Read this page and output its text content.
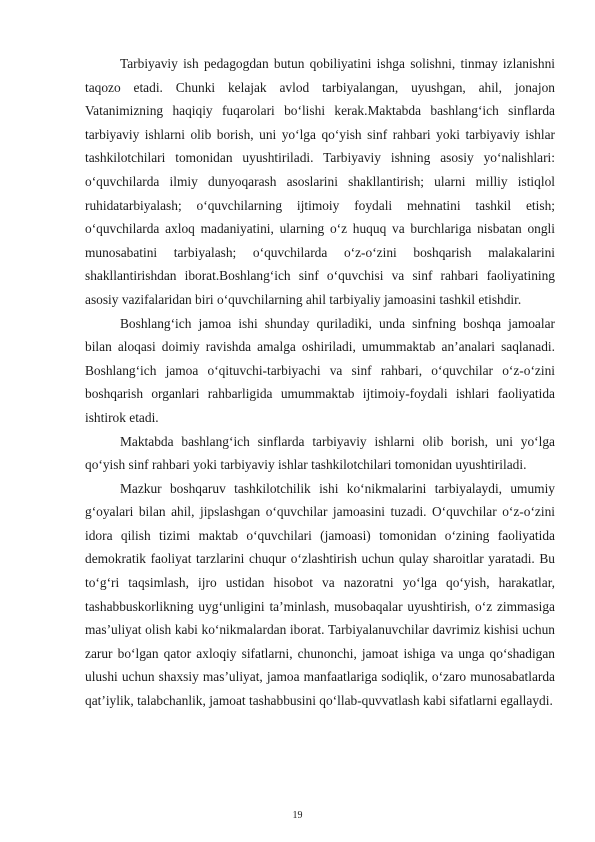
Tarbiyaviy ish pedagogdan butun qobiliyatini ishga solishni, tinmay izlanishni taqozo etadi. Chunki kelajak avlod tarbiyalangan, uyushgan, ahil, jonajon Vatanimizning haqiqiy fuqarolari bo‘lishi kerak.Maktabda bashlang‘ich sinflarda tarbiyaviy ishlarni olib borish, uni yo‘lga qo‘yish sinf rahbari yoki tarbiyaviy ishlar tashkilotchilari tomonidan uyushtiriladi. Tarbiyaviy ishning asosiy yo‘nalishlari: o‘quvchilarda ilmiy dunyoqarash asoslarini shakllantirish; ularni milliy istiqlol ruhidatarbiyalash; o‘quvchilarning ijtimoiy foydali mehnatini tashkil etish; o‘quvchilarda axloq madaniyatini, ularning o‘z huquq va burchlariga nisbatan ongli munosabatini tarbiyalash; o‘quvchilarda o‘z-o‘zini boshqarish malakalarini shakllantirishdan iborat.Boshlang‘ich sinf o‘quvchisi va sinf rahbari faoliyatining asosiy vazifalaridan biri o‘quvchilarning ahil tarbiyaliy jamoasini tashkil etishdir.

Boshlang‘ich jamoa ishi shunday quriladiki, unda sinfning boshqa jamoalar bilan aloqasi doimiy ravishda amalga oshiriladi, umummaktab an’analari saqlanadi. Boshlang‘ich jamoa o‘qituvchi-tarbiyachi va sinf rahbari, o‘quvchilar o‘z-o‘zini boshqarish organlari rahbarligida umummaktab ijtimoiy-foydali ishlari faoliyatida ishtirok etadi.

Maktabda bashlang‘ich sinflarda tarbiyaviy ishlarni olib borish, uni yo‘lga qo‘yish sinf rahbari yoki tarbiyaviy ishlar tashkilotchilari tomonidan uyushtiriladi.

Mazkur boshqaruv tashkilotchilik ishi ko‘nikmalarini tarbiyalaydi, umumiy g‘oyalari bilan ahil, jipslashgan o‘quvchilar jamoasini tuzadi. O‘quvchilar o‘z-o‘zini idora qilish tizimi maktab o‘quvchilari (jamoasi) tomonidan o‘zining faoliyatida demokratik faoliyat tarzlarini chuqur o‘zlashtirish uchun qulay sharoitlar yaratadi. Bu to‘g‘ri taqsimlash, ijro ustidan hisobot va nazoratni yo‘lga qo‘yish, harakatlar, tashabbuskorlikning uyg‘unligini ta’minlash, musobaqalar uyushtirish, o‘z zimmasiga mas’uliyat olish kabi ko‘nikmalardan iborat. Tarbiyalanuvchilar davrimiz kishisi uchun zarur bo‘lgan qator axloqiy sifatlarni, chunonchi, jamoat ishiga va unga qo‘shadigan ulushi uchun shaxsiy mas’uliyat, jamoa manfaatlariga sodiqlik, o‘zaro munosabatlarda qat’iylik, talabchanlik, jamoat tashabbusini qo‘llab-quvvatlash kabi sifatlarni egallaydi.

19
